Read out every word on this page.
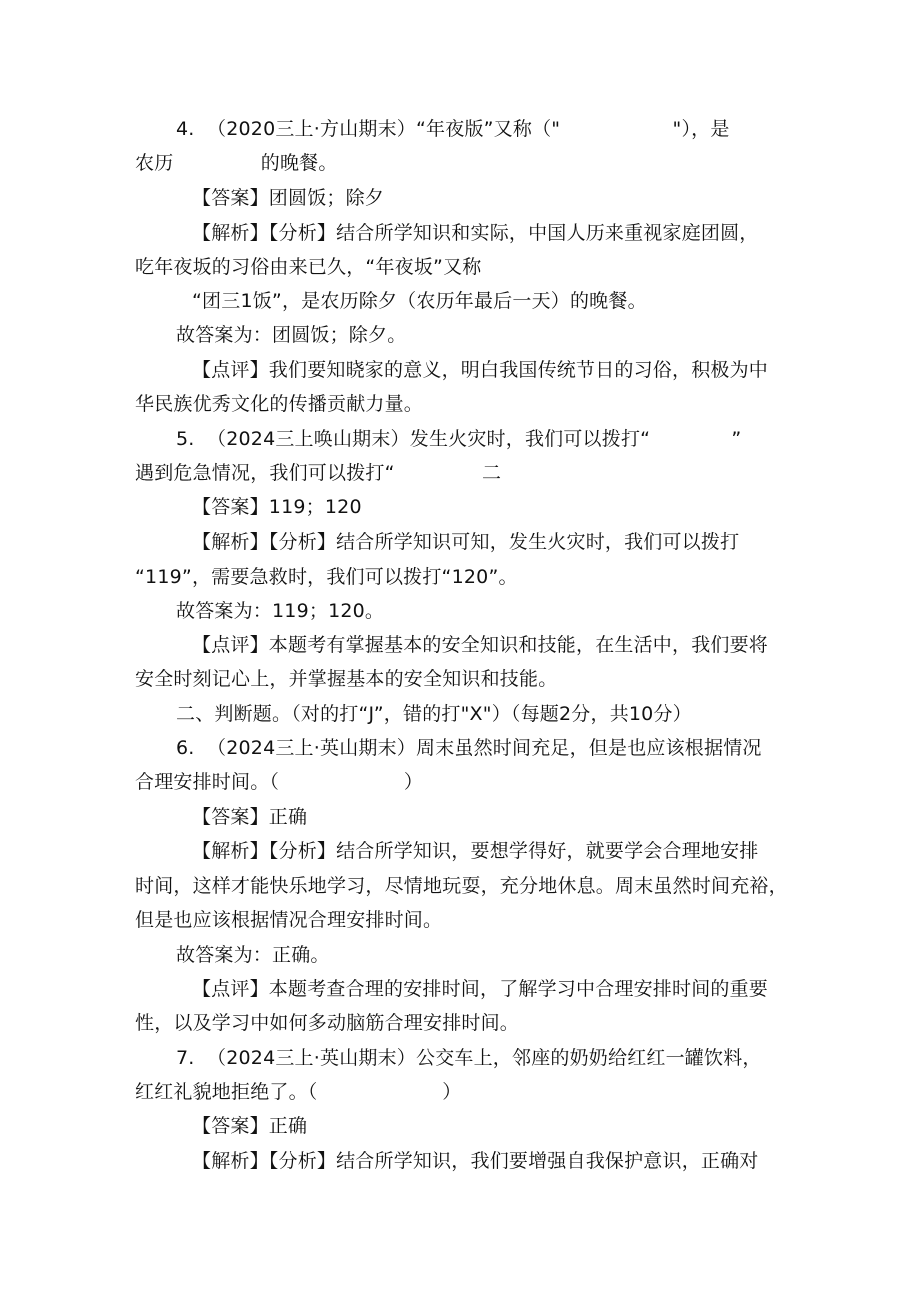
4.  （2020三上·方山期末）“年夜版”又称（"                  "），是
农历              的晚餐。
【答案】团圆饭；除夕
【解析】【分析】结合所学知识和实际，中国人历来重视家庭团圆，
吃年夜坂的习俗由来已久，“年夜坂”又称
“团三1饭”，是农历除夕（农历年最后一天）的晚餐。
故答案为：团圆饭；除夕。
【点评】我们要知晓家的意义，明白我国传统节日的习俗，积极为中
华民族优秀文化的传播贡献力量。
5.  （2024三上唤山期末）发生火灾时，我们可以拨打“             ”
遇到危急情况，我们可以拨打“              二
【答案】119；120
【解析】【分析】结合所学知识可知，发生火灾时，我们可以拨打
“119”，需要急救时，我们可以拨打“120”。
故答案为：119；120。
【点评】本题考有掌握基本的安全知识和技能，在生活中，我们要将
安全时刻记心上，并掌握基本的安全知识和技能。
二、判断题。（对的打“J”，错的打"X"）（每题2分，共10分）
6.  （2024三上·英山期末）周末虽然时间充足，但是也应该根据情况
合理安排时间。（                    ）
【答案】正确
【解析】【分析】结合所学知识，要想学得好，就要学会合理地安排
时间，这样才能快乐地学习，尽情地玩耍，充分地休息。周末虽然时间充裕，
但是也应该根据情况合理安排时间。
故答案为：正确。
【点评】本题考查合理的安排时间，了解学习中合理安排时间的重要
性，以及学习中如何多动脑筋合理安排时间。
7.  （2024三上·英山期末）公交车上，邻座的奶奶给红红一罐饮料，
红红礼貌地拒绝了。（                    ）
【答案】正确
【解析】【分析】结合所学知识，我们要增强自我保护意识，正确对
